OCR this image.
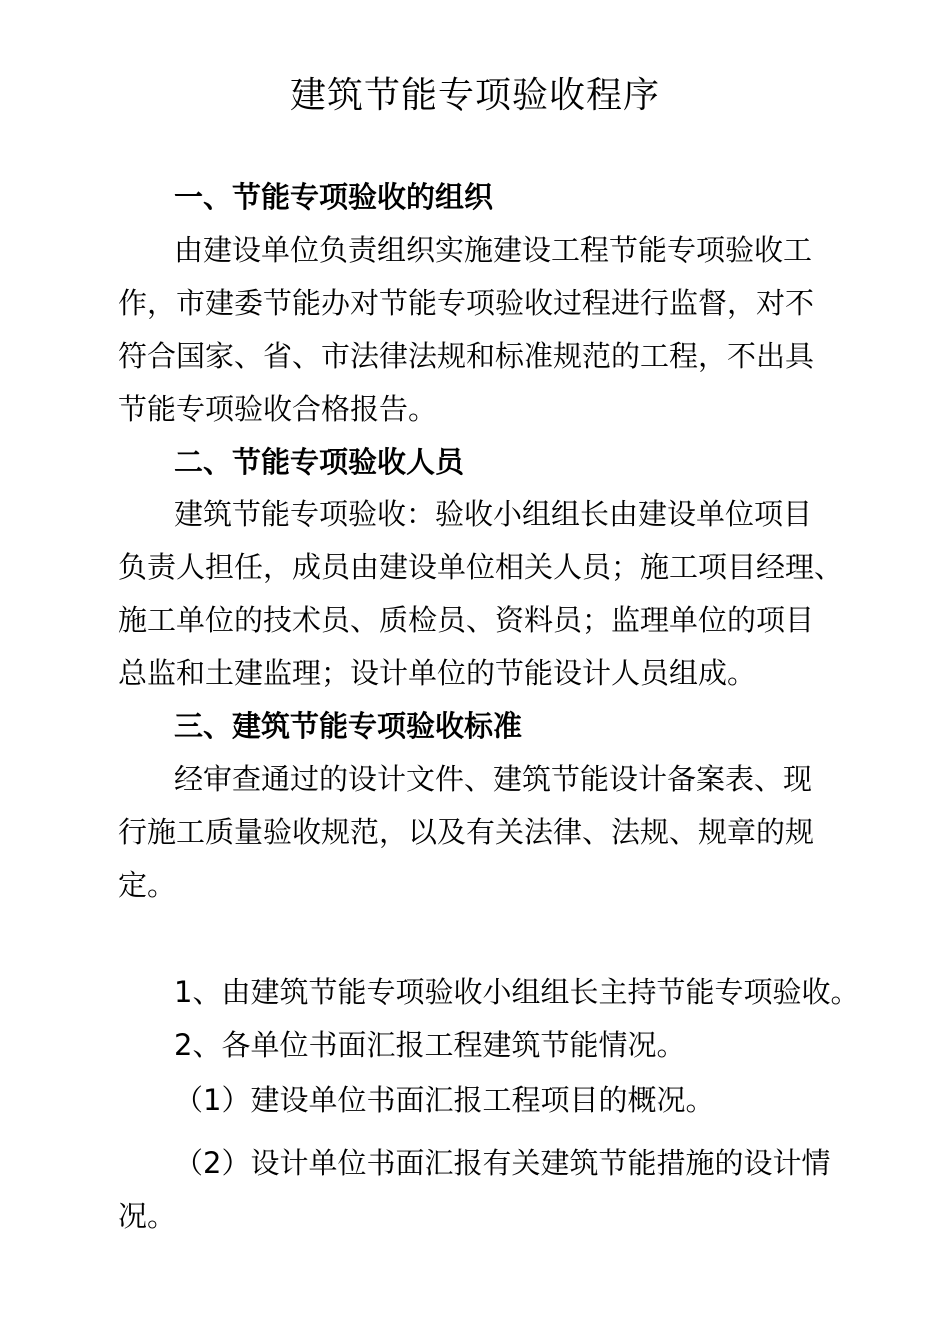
建筑节能专项验收程序
一、节能专项验收的组织
由建设单位负责组织实施建设工程节能专项验收工
作，市建委节能办对节能专项验收过程进行监督，对不
符合国家、省、市法律法规和标准规范的工程，不出具
节能专项验收合格报告。
二、节能专项验收人员
建筑节能专项验收：验收小组组长由建设单位项目
负责人担任，成员由建设单位相关人员；施工项目经理、
施工单位的技术员、质检员、资料员；监理单位的项目
总监和土建监理；设计单位的节能设计人员组成。
三、建筑节能专项验收标准
经审查通过的设计文件、建筑节能设计备案表、现
行施工质量验收规范，以及有关法律、法规、规章的规
定。
1、由建筑节能专项验收小组组长主持节能专项验收。
2、各单位书面汇报工程建筑节能情况。
（1）建设单位书面汇报工程项目的概况。
（2）设计单位书面汇报有关建筑节能措施的设计情
况。
